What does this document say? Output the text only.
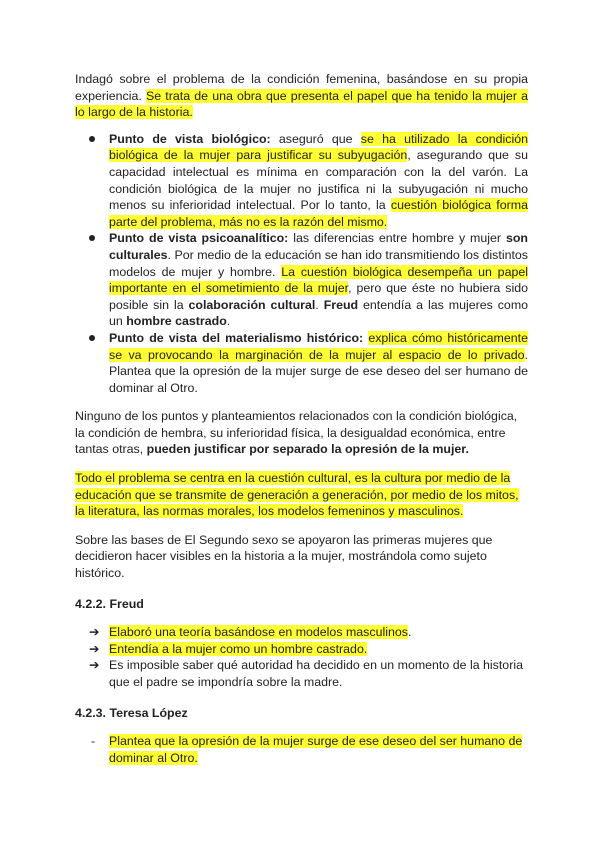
Indagó sobre el problema de la condición femenina, basándose en su propia experiencia. Se trata de una obra que presenta el papel que ha tenido la mujer a lo largo de la historia.

Punto de vista biológico: aseguró que se ha utilizado la condición biológica de la mujer para justificar su subyugación, asegurando que su capacidad intelectual es mínima en comparación con la del varón. La condición biológica de la mujer no justifica ni la subyugación ni mucho menos su inferioridad intelectual. Por lo tanto, la cuestión biológica forma parte del problema, más no es la razón del mismo.
Punto de vista psicoanalítico: las diferencias entre hombre y mujer son culturales. Por medio de la educación se han ido transmitiendo los distintos modelos de mujer y hombre. La cuestión biológica desempeña un papel importante en el sometimiento de la mujer, pero que éste no hubiera sido posible sin la colaboración cultural. Freud entendía a las mujeres como un hombre castrado.
Punto de vista del materialismo histórico: explica cómo históricamente se va provocando la marginación de la mujer al espacio de lo privado. Plantea que la opresión de la mujer surge de ese deseo del ser humano de dominar al Otro.

Ninguno de los puntos y planteamientos relacionados con la condición biológica, la condición de hembra, su inferioridad física, la desigualdad económica, entre tantas otras, pueden justificar por separado la opresión de la mujer.

Todo el problema se centra en la cuestión cultural, es la cultura por medio de la educación que se transmite de generación a generación, por medio de los mitos, la literatura, las normas morales, los modelos femeninos y masculinos.

Sobre las bases de El Segundo sexo se apoyaron las primeras mujeres que decidieron hacer visibles en la historia a la mujer, mostrándola como sujeto histórico.

4.2.2. Freud
➔ Elaboró una teoría basándose en modelos masculinos.
➔ Entendía a la mujer como un hombre castrado.
➔ Es imposible saber qué autoridad ha decidido en un momento de la historia que el padre se impondría sobre la madre.
4.2.3. Teresa López
- Plantea que la opresión de la mujer surge de ese deseo del ser humano de dominar al Otro.
